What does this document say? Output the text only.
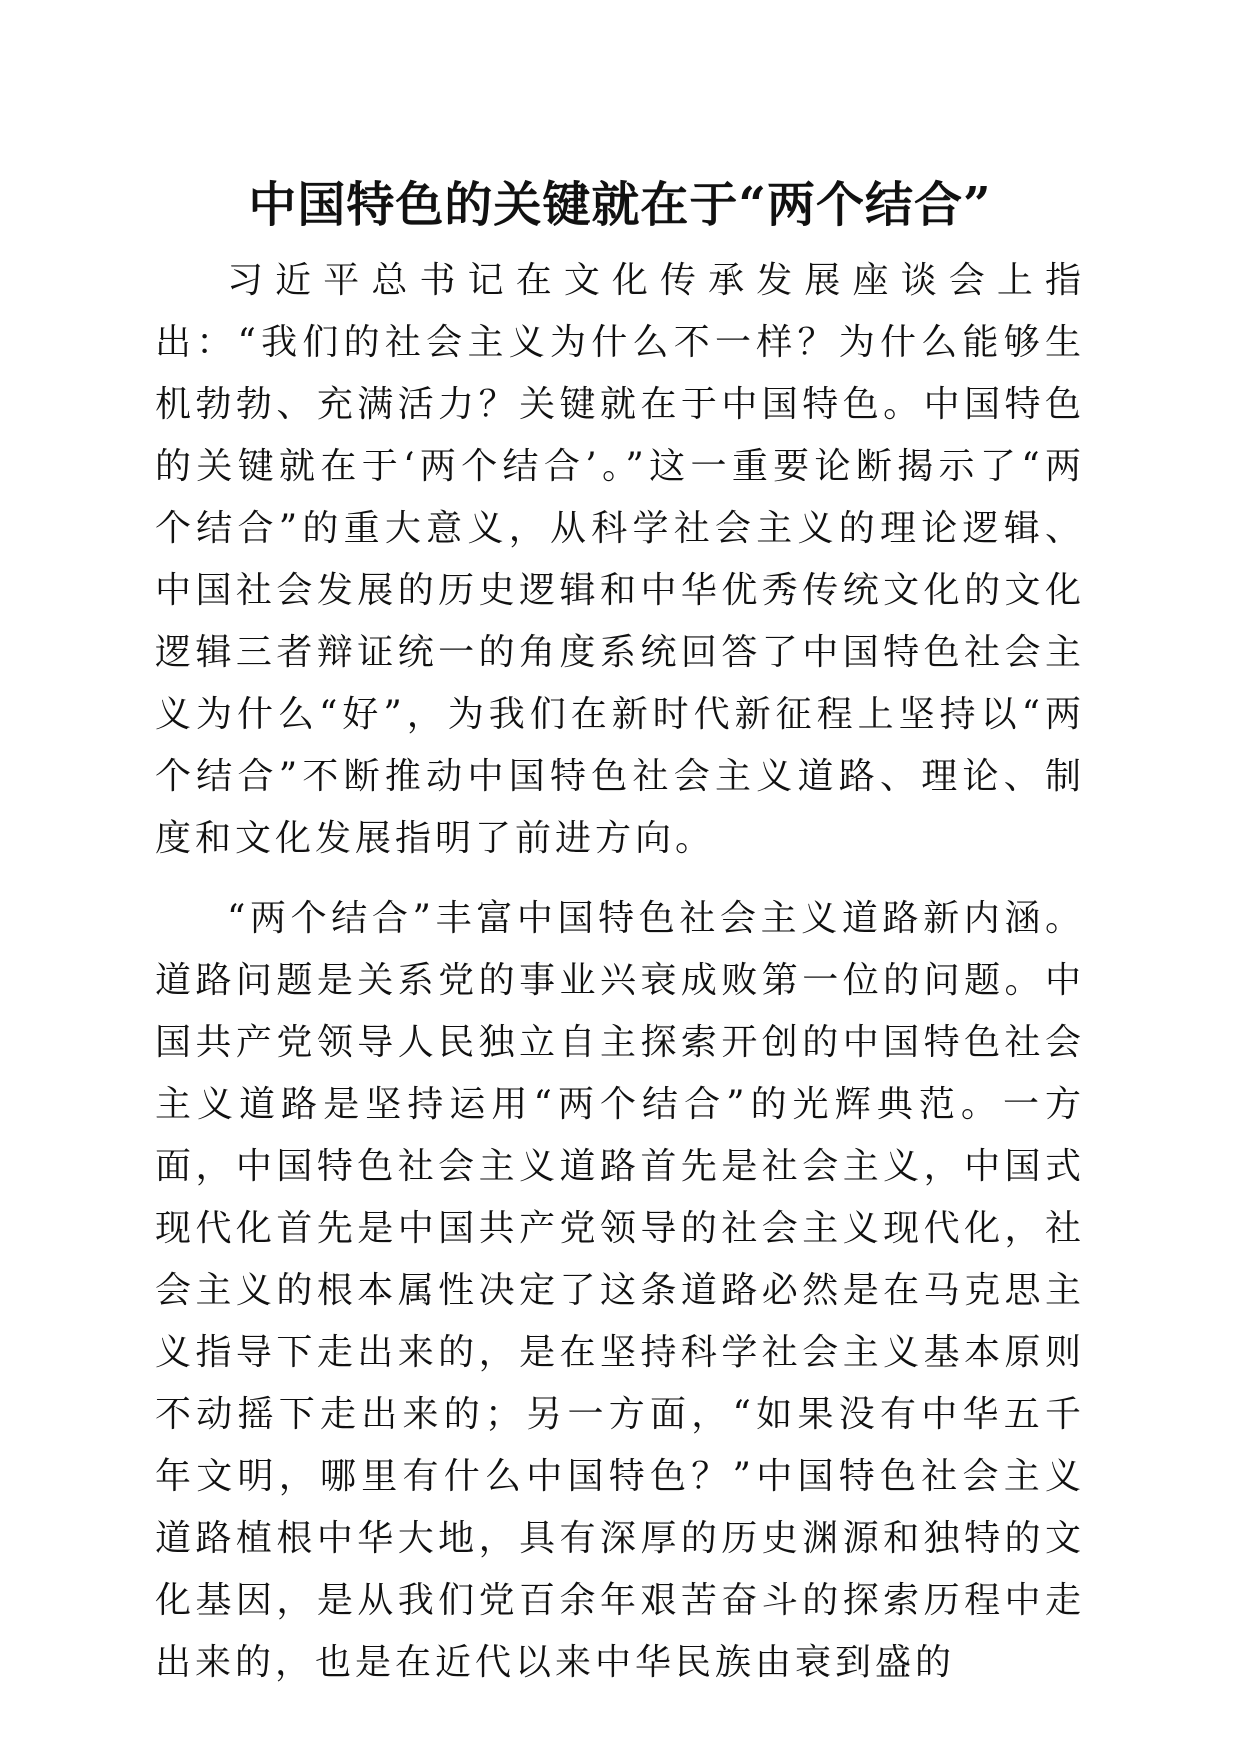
中国特色的关键就在于“两个结合”

习近平总书记在文化传承发展座谈会上指出：“我们的社会主义为什么不一样？为什么能够生机勃勃、充满活力？关键就在于中国特色。中国特色的关键就在于‘两个结合’。”这一重要论断揭示了“两个结合”的重大意义，从科学社会主义的理论逻辑、中国社会发展的历史逻辑和中华优秀传统文化的文化逻辑三者辩证统一的角度系统回答了中国特色社会主义为什么“好”，为我们在新时代新征程上坚持以“两个结合”不断推动中国特色社会主义道路、理论、制度和文化发展指明了前进方向。

“两个结合”丰富中国特色社会主义道路新内涵。道路问题是关系党的事业兴衰成败第一位的问题。中国共产党领导人民独立自主探索开创的中国特色社会主义道路是坚持运用“两个结合”的光辉典范。一方面，中国特色社会主义道路首先是社会主义，中国式现代化首先是中国共产党领导的社会主义现代化，社会主义的根本属性决定了这条道路必然是在马克思主义指导下走出来的，是在坚持科学社会主义基本原则不动摇下走出来的；另一方面，“如果没有中华五千年文明，哪里有什么中国特色？”中国特色社会主义道路植根中华大地，具有深厚的历史渊源和独特的文化基因，是从我们党百余年艰苦奋斗的探索历程中走出来的，也是在近代以来中华民族由衰到盛的
